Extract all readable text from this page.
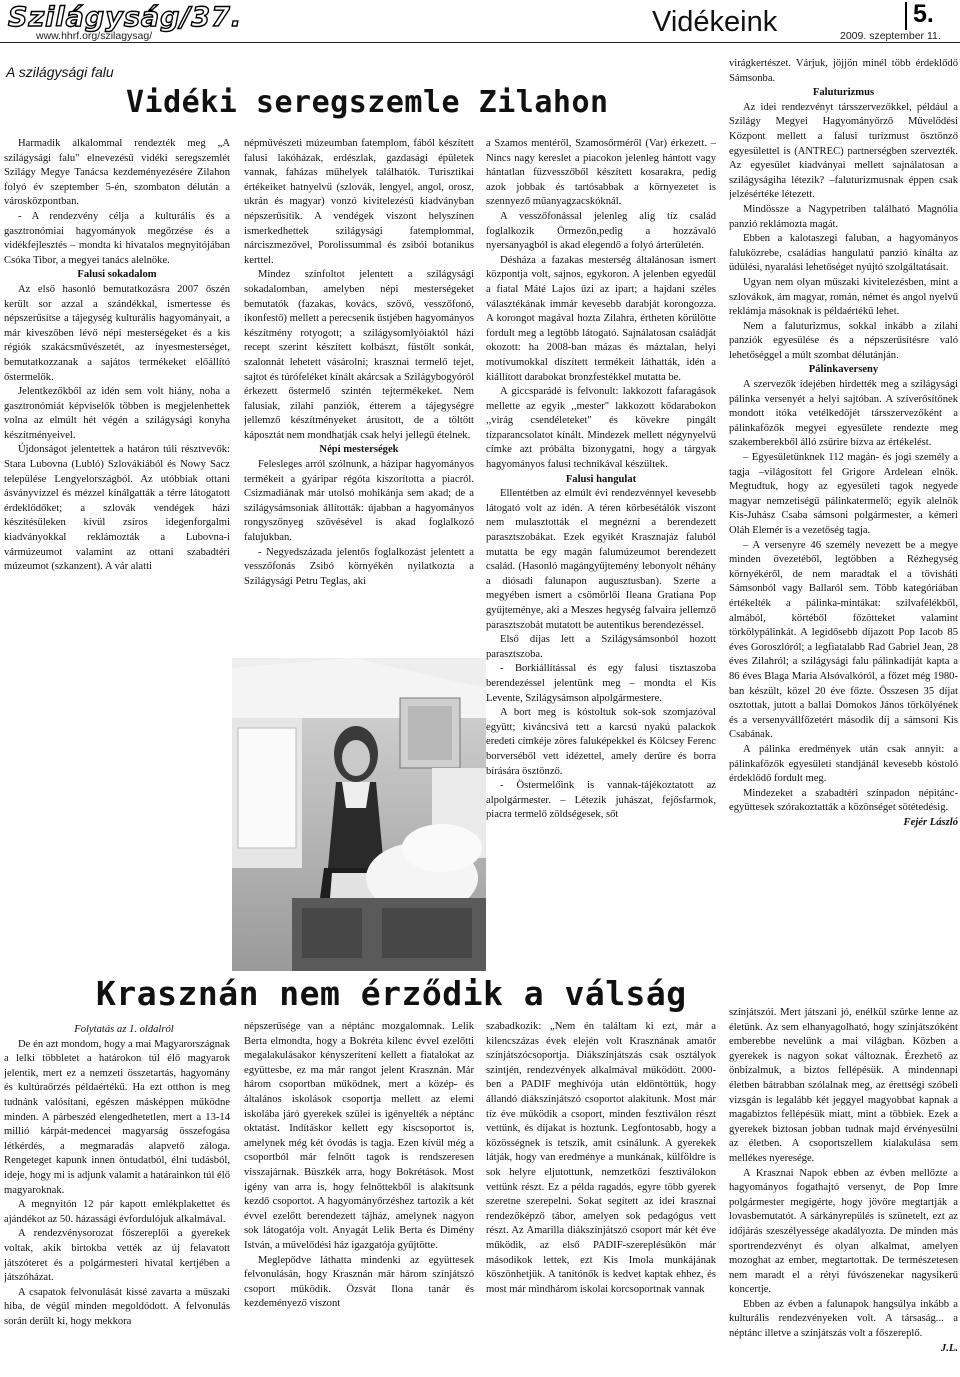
Szilágyság/37.
www.hhrf.org/szilagysag/	Vidékeink	5.
2009. szeptember 11.
A szilágysági falu
Vidéki seregszemle Zilahon

Harmadik alkalommal rendezték meg „A szilágysági falu" elnevezésű vidéki seregszemlét Szilágy Megye Tanácsa kezdeményezésére Zilahon folyó év szeptember 5-én, szombaton délután a városközpontban.

- A rendezvény célja a kulturális és a gasztronómiai hagyományok megőrzése és a vidékfejlesztés – mondta ki hivatalos megnyitójában Csóka Tibor, a megyei tanács alelnöke.

Falusi sokadalom

Az első hasonló bemutatkozásra 2007 őszén került sor azzal a szándékkal, ismertesse és népszerűsítse a tájegység kulturális hagyományait, a már kiveszőben lévő népi mesterségeket és a kis régiók szakácsművészetét, az ínyesmesterséget, bemutatkozzanak a sajátos termékeket előállító őstermelők.

Jelentkezőkből az idén sem volt hiány, noha a gasztronómiát képviselők többen is megjelenhettek volna az elmúlt hét végén a szilágysági konyha készítményeivel.

Újdonságot jelentettek a határon túli résztvevők: Stara Lubovna (Lubló) Szlovákiából és Nowy Sacz települése Lengyelországból. Az utóbbiak ottani ásványvízzel és mézzel kínálgatták a térre látogatott érdeklődőket; a szlovák vendégek házi készítésűleken kívül zsíros idegenforgalmi kiadványokkal reklámozták a Lubovna-i vármúzeumot valamint az ottani szabadtéri múzeumot (szkanzent). A vár alatti

népművészeti múzeumban fatemplom, fából készített falusi lakóházak, erdészlak, gazdasági épületek vannak, faházas műhelyek találhatók. Turisztikai értékeiket hatnyelvű (szlovák, lengyel, angol, orosz, ukrán és magyar) vonzó kivitelezésű kiadványban népszerűsítik. A vendégek viszont helyszínen ismerkedhettek szilágysági fatemplommal, nárciszmezővel, Porolissummal és zsibói botanikus kerttel.

Mindez színfoltot jelentett a szilágysági sokadalomban, amelyben népi mesterségeket bemutatók (fazakas, kovács, szövő, vesszőfonó, ikonfestő) mellett a perecsenik üstjében hagyományos készítmény rotyogott; a szilágysomlyóiaktól házi recept szerint készített kolbászt, füstölt sonkát, szalonnát lehetett vásárolni; krasznai termelő tejet, sajtot és túrófeléket kínált akárcsak a Szilágybogyóról érkezett őstermelő szintén tejtermékeket. Nem falusiak, zilahi panziók, étterem a tájegységre jellemző készítményeket árusított, de a töltött káposztát nem mondhatják csak helyi jellegű ételnek.

Népi mesterségek

Felesleges arról szólnunk, a házipar hagyományos termékeit a gyáripar régóta kiszorította a piacról. Csizmadiának már utolsó mohikánja sem akad; de a szilágysámsoniak állították: újabban a hagyományos rongyszőnyeg szövésével is akad foglalkozó falujukban.

- Negyedszázada jelentős foglalkozást jelentett a vesszőfonás Zsibó környékén nyilatkozta a Szilágysági Petru Teglas, aki

a Szamos mentéről, Szamosőrméről (Var) érkezett. – Nincs nagy kereslet a piacokon jelenleg hántott vagy hántatlan fűzvesszőből készített kosarakra, pedig azok jobbak és tartósabbak a környezetet is szennyező műanyagzacskóknál.

A vesszőfonással jelenleg alig tíz család foglalkozik Örmezőn,pedig a hozzávaló nyersanyagból is akad elegendő a folyó árterületén.

Désháza a fazakas mesterség általánosan ismert központja volt, sajnos, egykoron. A jelenben egyedül a fiatal Máté Lajos űzi az ipart; a hajdani széles választékának immár kevesebb darabját korongozza. A korongot magával hozta Zilahra, értheten körülötte fordult meg a legtöbb látogató. Sajnálatosan családját okozott: ha 2008-ban mázas és máztalan, helyi motívumokkal díszített termékeit láthatták, idén a kiállított darabokat bronzfestékkel mutatta be.

A giccsparádé is felvonult: lakkozott fafaragások mellette az egyik ,,mester" lakkozott kődarabokon ,,virág csendéleteket" és kövekre pingált tízparancsolatot kínált. Mindezek mellett négynyelvű címke azt próbálta bizonygatni, hogy a tárgyak hagyományos falusi technikával készültek.

Falusi hangulat

Ellentétben az elmúlt évi rendezvénnyel kevesebb látogató volt az idén. A téren körbesétálók viszont nem mulasztották el megnézni a berendezett parasztszobákat. Ezek egyikét Krasznajáz faluból mutatta be egy magán falumúzeumot berendezett család. (Hasonló magángyűjtemény lebonyolt néhány a diósadi falunapon augusztusban). Szerte a megyében ismert a csömörlői Ileana Gratiana Pop gyűjteménye, aki a Meszes hegység falvaira jellemző parasztszobát mutatott be autentikus berendezéssel.

Első díjas lett a Szilágysámsonból hozott parasztszoba.

- Borkiállítással és egy falusi tisztaszoba berendezéssel jelentünk meg – mondta el Kis Levente, Szilágysámson alpolgármestere.

A bort meg is kóstoltuk sok-sok szomjazóval együtt; kiváncsivá tett a karcsú nyakú palackok eredeti címkéje zöres faluképekkel és Kölcsey Ferenc borverséből vett idézettel, amely derűre és borra bírására ösztönző.

- Östermelőink is vannak-tájékoztatott az alpolgármester. – Létezik juhászat, fejősfarmok, piacra termelő zöldségesek, sőt

virágkertészet. Várjuk, jöjjön minél több érdeklődő Sámsonba.

Faluturizmus

Az idei rendezvényt társszervezőkkel, például a Szilágy Megyei Hagyományőrző Művelődési Központ mellett a falusi turizmust ösztönző egyesülettel is (ANTREC) partnerségben szervezték. Az egyesület kiadványai mellett sajnálatosan a szilágyságiha létezik? –faluturizmusnak éppen csak jelzésértéke létezett.

Mindössze a Nagypetriben található Magnólia panzió reklámozta magát.

Ebben a kalotaszegi faluban, a hagyományos faluközrebe, családias hangulatú panzió kínálta az üdülési, nyaralási lehetőséget nyújtó szolgáltatásait.

Ugyan nem olyan műszaki kivitelezésben, mint a szlovákok, ám magyar, román, német és angol nyelvű reklámja másoknak is példaértékű lehet.

Nem a faluturizmus, sokkal inkább a zilahi panziók egyesülése és a népszerűsítésre való lehetőséggel a múlt szombat délutánján.

Pálinkaverseny

A szervezők idejében hirdették meg a szilágysági pálinka versenyét a helyi sajtóban. A szíverősítőnek mondott itóka vetélkedőjét társszervezőként a pálinkafőzők megyei egyesülete rendezte meg szakemberekből álló zsűrire bízva az értékelést.

– Egyesületünknek 112 magán- és jogi személy a tagja –világosított fel Grigore Ardelean elnök. Megtudtuk, hogy az egyesületi tagok negyede magyar nemzetiségű pálinkatermelő; egyik alelnök Kis-Juhász Csaba sámsoni polgármester, a kémeri Oláh Elemér is a vezetőség tagja.

– A versenyre 46 személy nevezett be a megye minden övezetéből, legtöbben a Rézhegység környékéről, de nem maradtak el a tövisháti Sámsonból vagy Ballaról sem. Több kategóriában értékelték a pálinka-mintákat: szilvafélékből, almából, körtéből főzötteket valamint törkölypálinkát. A legidősebb díjazott Pop Iacob 85 éves Goroszlóról; a legfiatalabb Rad Gabriel Jean, 28 éves Zilahról; a szilágysági falu pálinkadíját kapta a 86 éves Blaga Maria Alsóvalkóról, a főzet még 1980-ban készült, közel 20 éve főzte. Összesen 35 díjat osztottak, jutott a ballai Domokos János törkölyének és a versenyvállfőzetért második díj a sámsoni Kis Csabának.

A pálinka eredmények után csak annyit: a pálinkafőzők egyesületi standjánál kevesebb kóstoló érdeklődő fordult meg.

Mindezeket a szabadtéri színpadon népitánc-együttesek szórakoztatták a közönséget sötétedésig.

Fejér László

Krasznán nem érződik a válság

Folytatás az 1. oldalról

De én azt mondom, hogy a mai Magyarországnak a lelki többletet a határokon túl élő magyarok jelentik, mert ez a nemzeti összetartás, hagyomány és kultúraőrzés példaértékű. Ha ezt otthon is meg tudnánk valósítani, egészen másképpen működne minden. A párbeszéd elengedhetetlen, mert a 13-14 millió kárpát-medencei magyarság összefogása létkérdés, a megmaradás alapvető záloga. Rengeteget kapunk innen öntudatból, élni tudásból, ideje, hogy mi is adjunk valamit a határainkon túl élő magyaroknak.

A megnyitón 12 pár kapott emlékplakettet és ajándékot az 50. házassági évfordulójuk alkalmával.

A rendezvénysorozat főszereplői a gyerekek voltak, akik birtokba vették az új felavatott játszóteret és a polgármesteri hivatal kertjében a játszóházat.

A csapatok felvonulását kissé zavarta a műszaki hiba, de végül minden megoldódott. A felvonulás során derült ki, hogy mekkora

népszerűsége van a néptánc mozgalomnak. Lelik Berta elmondta, hogy a Bokréta kilenc évvel ezelőtti megalakulásakor kényszerítení kellett a fiatalokat az együttesbe, ez ma már rangot jelent Krasznán. Már három csoportban működnek, mert a közép- és általános iskolások csoportja mellett az elemi iskolába járó gyerekek szülei is igényelték a néptánc oktatást. Indításkor kellett egy kiscsoportot is, amelynek még két óvodás is tagja. Ezen kívül még a csoportból már felnőtt tagok is rendszeresen visszajárnak. Büszkék arra, hogy Bokrétások. Most igény van arra is, hogy felnőttekből is alakítsunk kezdő csoportot. A hagyományőrzéshez tartozik a két évvel ezelőtt berendezett tájház, amelynek nagyon sok látogatója volt. Anyagát Lelik Berta és Dimény István, a művelődési ház igazgatója gyűjtötte.

Meglepődve láthatta mindenki az együttesek felvonulásán, hogy Krasznán már három színjátszó csoport működik. Özsvát Ilona tanár és kezdeményező viszont

szabadkozik: „Nem én találtam ki ezt, már a kilencszázas évek elején volt Krasznának amatőr színjátszócsoportja. Diákszínjátszás csak osztályok szintjén, rendezvények alkalmával működött. 2000-ben a PADIF meghívója után eldöntöttük, hogy állandó diákszínjátszó csoportot alakítunk. Most már tíz éve működik a csoport, minden fesztiválon részt vettünk, és díjakat is hoztunk. Legfontosabb, hogy a közösségnek is tetszik, amit csinálunk. A gyerekek látják, hogy van eredménye a munkának, külföldre is sok helyre eljutottunk, nemzetközi fesztiválokon vettünk részt. Ez a példa ragadós, egyre több gyerek szeretne szerepelni. Sokat segített az idei krasznai rendezőképző tábor, amelyen sok pedagógus vett részt. Az Amarilla diákszínjátszó csoport már két éve működik, az első PADIF-szereplésükön már másodikok lettek, ezt Kis Imola munkájának köszönhetjük. A tanítónők is kedvet kaptak ehhez, és most már mindhárom iskolai korcsoportnak vannak

színjátszói. Mert játszani jó, enélkül szürke lenne az életünk. Az sem elhanyagolható, hogy színjátszóként emberebbe nevelünk a mai világban. Közben a gyerekek is nagyon sokat változnak. Érezhető az önbizalmuk, a biztos fellépésük. A mindennapi életben bátrabban szólalnak meg, az érettségi szóbeli vizsgán is legalább két jeggyel magyobbat kapnak a magabiztos fellépésük miatt, mint a többiek. Ezek a gyerekek biztosan jobban tudnak majd érvényesülni az életben. A csoportszellem kialakulása sem mellékes nyeresége.

A Krasznai Napok ebben az évben mellőzte a hagyományos fogathajtó versenyt, de Pop Imre polgármester megígérte, hogy jövőre megtartják a lovasbemutatót. A sárkányrepülés is szünetelt, ezt az időjárás szeszélyessége akadályozta. De minden más sportrendezvényt és olyan alkalmat, amelyen mozoghat az ember, megtartottak. De természetesen nem maradt el a rétyi fúvószenekar nagysikerű koncertje.

Ebben az évben a falunapok hangsúlya inkább a kulturális rendezvényeken volt. A társaság... a néptánc illetve a színjátszás volt a főszereplő.

J.L.
